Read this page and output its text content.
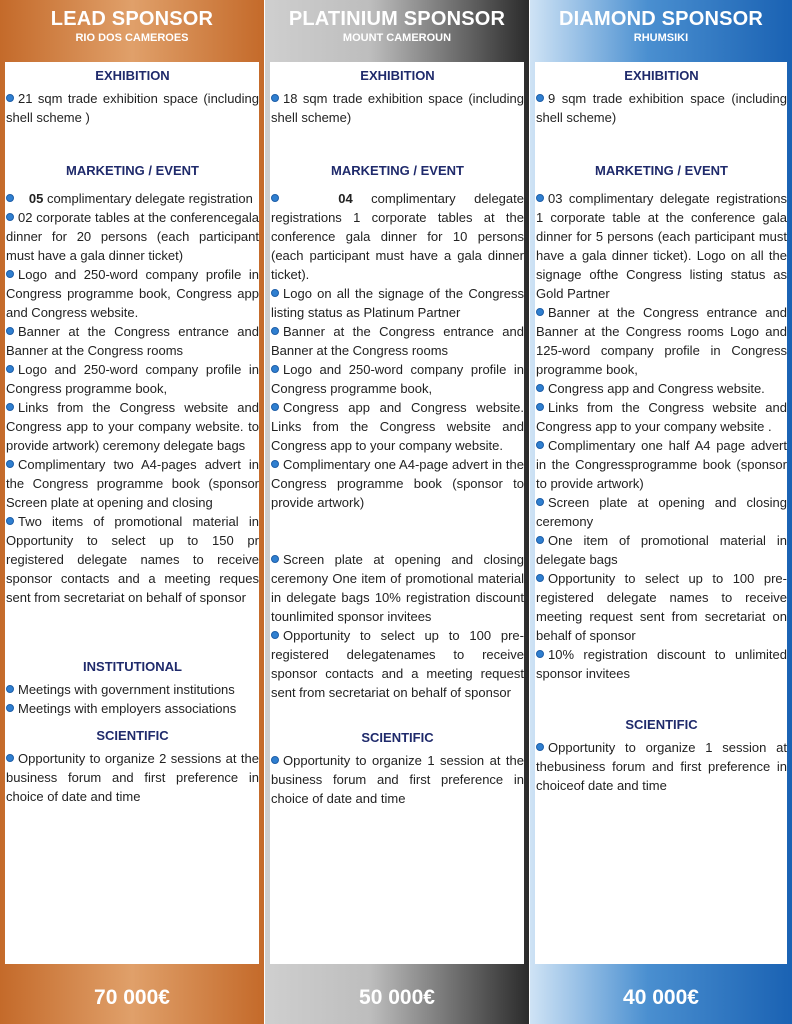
LEAD SPONSOR
RIO DOS CAMEROES
EXHIBITION
21 sqm trade exhibition space (including shell scheme )
MARKETING / EVENT
05 complimentary delegate registration
02 corporate tables at the conferencegala dinner for 20 persons (each participant must have a gala dinner ticket)
Logo and 250-word company profile in Congress programme book, Congress app and Congress website.
Banner at the Congress entrance and Banner at the Congress rooms
Logo and 250-word company profile in Congress programme book,
Links from the Congress website and Congress app to your company website. to provide artwork) ceremony delegate bags
Complimentary two A4-pages advert in the Congress programme book (sponsor Screen plate at opening and closing
Two items of promotional material in Opportunity to select up to 150 pr registered delegate names to receive sponsor contacts and a meeting reques sent from secretariat on behalf of sponsor
INSTITUTIONAL
Meetings with government institutions
Meetings with employers associations
SCIENTIFIC
Opportunity to organize 2 sessions at the business forum and first preference in choice of date and time
70 000€
PLATINIUM SPONSOR
MOUNT CAMEROUN
EXHIBITION
18 sqm trade exhibition space (including shell scheme)
MARKETING / EVENT
04 complimentary delegate registrations 1 corporate tables at the conference gala dinner for 10 persons (each participant must have a gala dinner ticket).
Logo on all the signage of the Congress listing status as Platinum Partner
Banner at the Congress entrance and Banner at the Congress rooms
Logo and 250-word company profile in Congress programme book,
Congress app and Congress website. Links from the Congress website and Congress app to your company website.
Complimentary one A4-page advert in the Congress programme book (sponsor to provide artwork)
Screen plate at opening and closing ceremony One item of promotional material in delegate bags 10% registration discount tounlimited sponsor invitees
Opportunity to select up to 100 pre-registered delegatenames to receive sponsor contacts and a meeting request sent from secretariat on behalf of sponsor
SCIENTIFIC
Opportunity to organize 1 session at the business forum and first preference in choice of date and time
50 000€
DIAMOND SPONSOR
RHUMSIKI
EXHIBITION
9 sqm trade exhibition space (including shell scheme)
MARKETING / EVENT
03 complimentary delegate registrations 1 corporate table at the conference gala dinner for 5 persons (each participant must have a gala dinner ticket). Logo on all the signage ofthe Congress listing status as Gold Partner
Banner at the Congress entrance and Banner at the Congress rooms Logo and 125-word company profile in Congress programme book,
Congress app and Congress website.
Links from the Congress website and Congress app to your company website .
Complimentary one half A4 page advert in the Congressprogramme book (sponsor to provide artwork)
Screen plate at opening and closing ceremony
One item of promotional material in delegate bags
Opportunity to select up to 100 pre-registered delegate names to receive meeting request sent from secretariat on behalf of sponsor
10% registration discount to unlimited sponsor invitees
SCIENTIFIC
Opportunity to organize 1 session at thebusiness forum and first preference in choiceof date and time
40 000€
